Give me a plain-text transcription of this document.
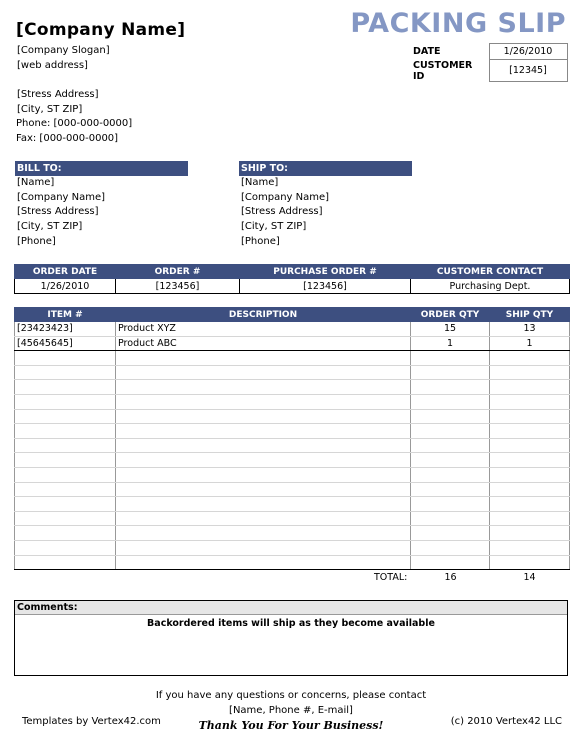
[Company Name]	PACKING SLIP
[Company Slogan]
[web address]
[Stress Address]
[City, ST ZIP]
Phone: [000-000-0000]
Fax: [000-000-0000]
DATE	1/26/2010
CUSTOMER ID	[12345]
BILL TO:	SHIP TO:
[Name]
[Company Name]
[Stress Address]
[City, ST ZIP]
[Phone]
[Name]
[Company Name]
[Stress Address]
[City, ST ZIP]
[Phone]
ORDER DATE	ORDER #	PURCHASE ORDER #	CUSTOMER CONTACT
1/26/2010	[123456]	[123456]	Purchasing Dept.
ITEM #	DESCRIPTION	ORDER QTY	SHIP QTY
[23423423]	Product XYZ	15	13
[45645645]	Product ABC	1	1

TOTAL:	16	14
Comments:
Backordered items will ship as they become available
If you have any questions or concerns, please contact
[Name, Phone #, E-mail]
Thank You For Your Business!
Templates by Vertex42.com	(c) 2010 Vertex42 LLC
